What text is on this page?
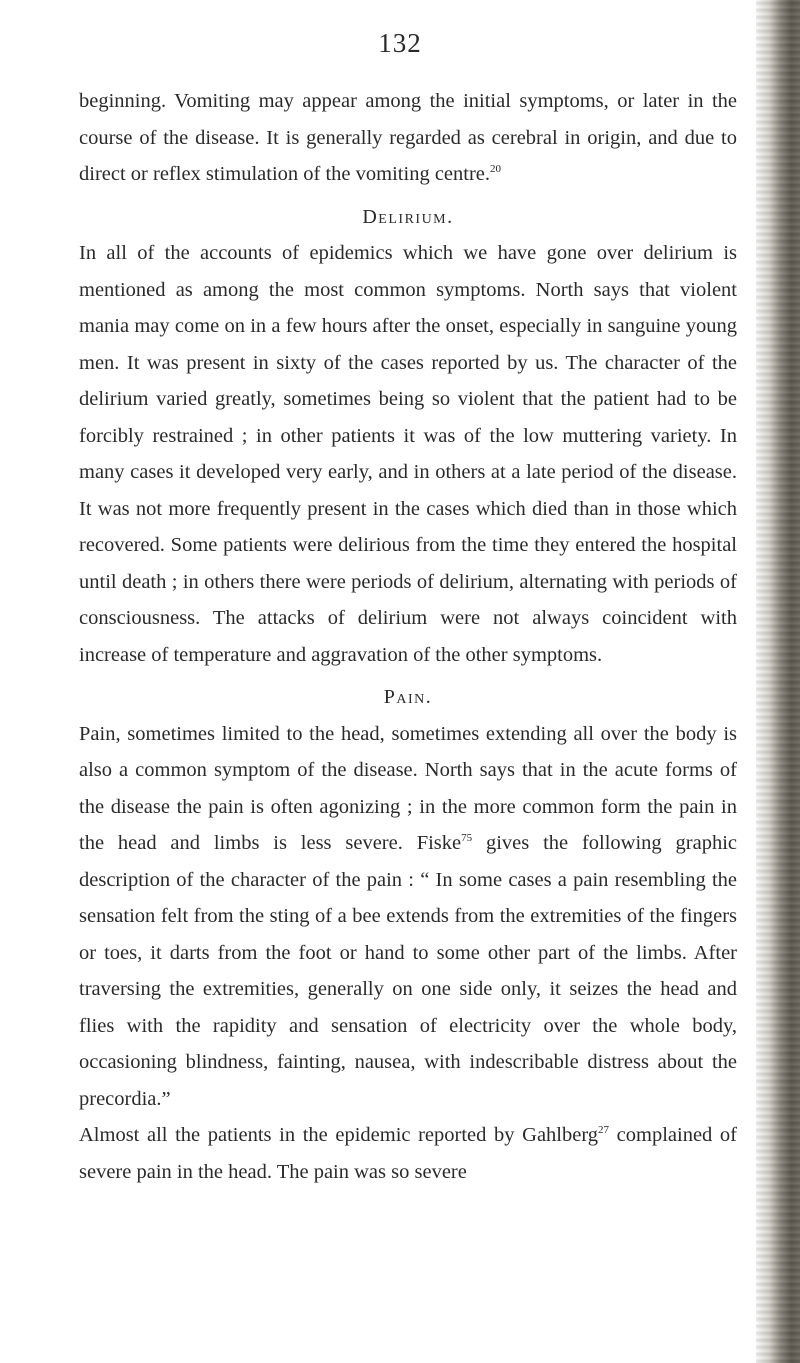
132

beginning. Vomiting may appear among the initial symptoms, or later in the course of the disease. It is generally regarded as cerebral in origin, and due to direct or reflex stimulation of the vomiting centre.$^{20}$

Delirium.

In all of the accounts of epidemics which we have gone over delirium is mentioned as among the most common symptoms. North says that violent mania may come on in a few hours after the onset, especially in sanguine young men. It was present in sixty of the cases reported by us. The character of the delirium varied greatly, sometimes being so violent that the patient had to be forcibly restrained ; in other patients it was of the low muttering variety. In many cases it developed very early, and in others at a late period of the disease. It was not more frequently present in the cases which died than in those which recovered. Some patients were delirious from the time they entered the hospital until death ; in others there were periods of delirium, alternating with periods of consciousness. The attacks of delirium were not always coincident with increase of temperature and aggravation of the other symptoms.

Pain.

Pain, sometimes limited to the head, sometimes extending all over the body is also a common symptom of the disease. North says that in the acute forms of the disease the pain is often agonizing ; in the more common form the pain in the head and limbs is less severe. Fiske$^{75}$ gives the following graphic description of the character of the pain : “ In some cases a pain resembling the sensation felt from the sting of a bee extends from the extremities of the fingers or toes, it darts from the foot or hand to some other part of the limbs. After traversing the extremities, generally on one side only, it seizes the head and flies with the rapidity and sensation of electricity over the whole body, occasioning blindness, fainting, nausea, with indescribable distress about the precordia.”

Almost all the patients in the epidemic reported by Gahlberg$^{27}$ complained of severe pain in the head. The pain was so severe
